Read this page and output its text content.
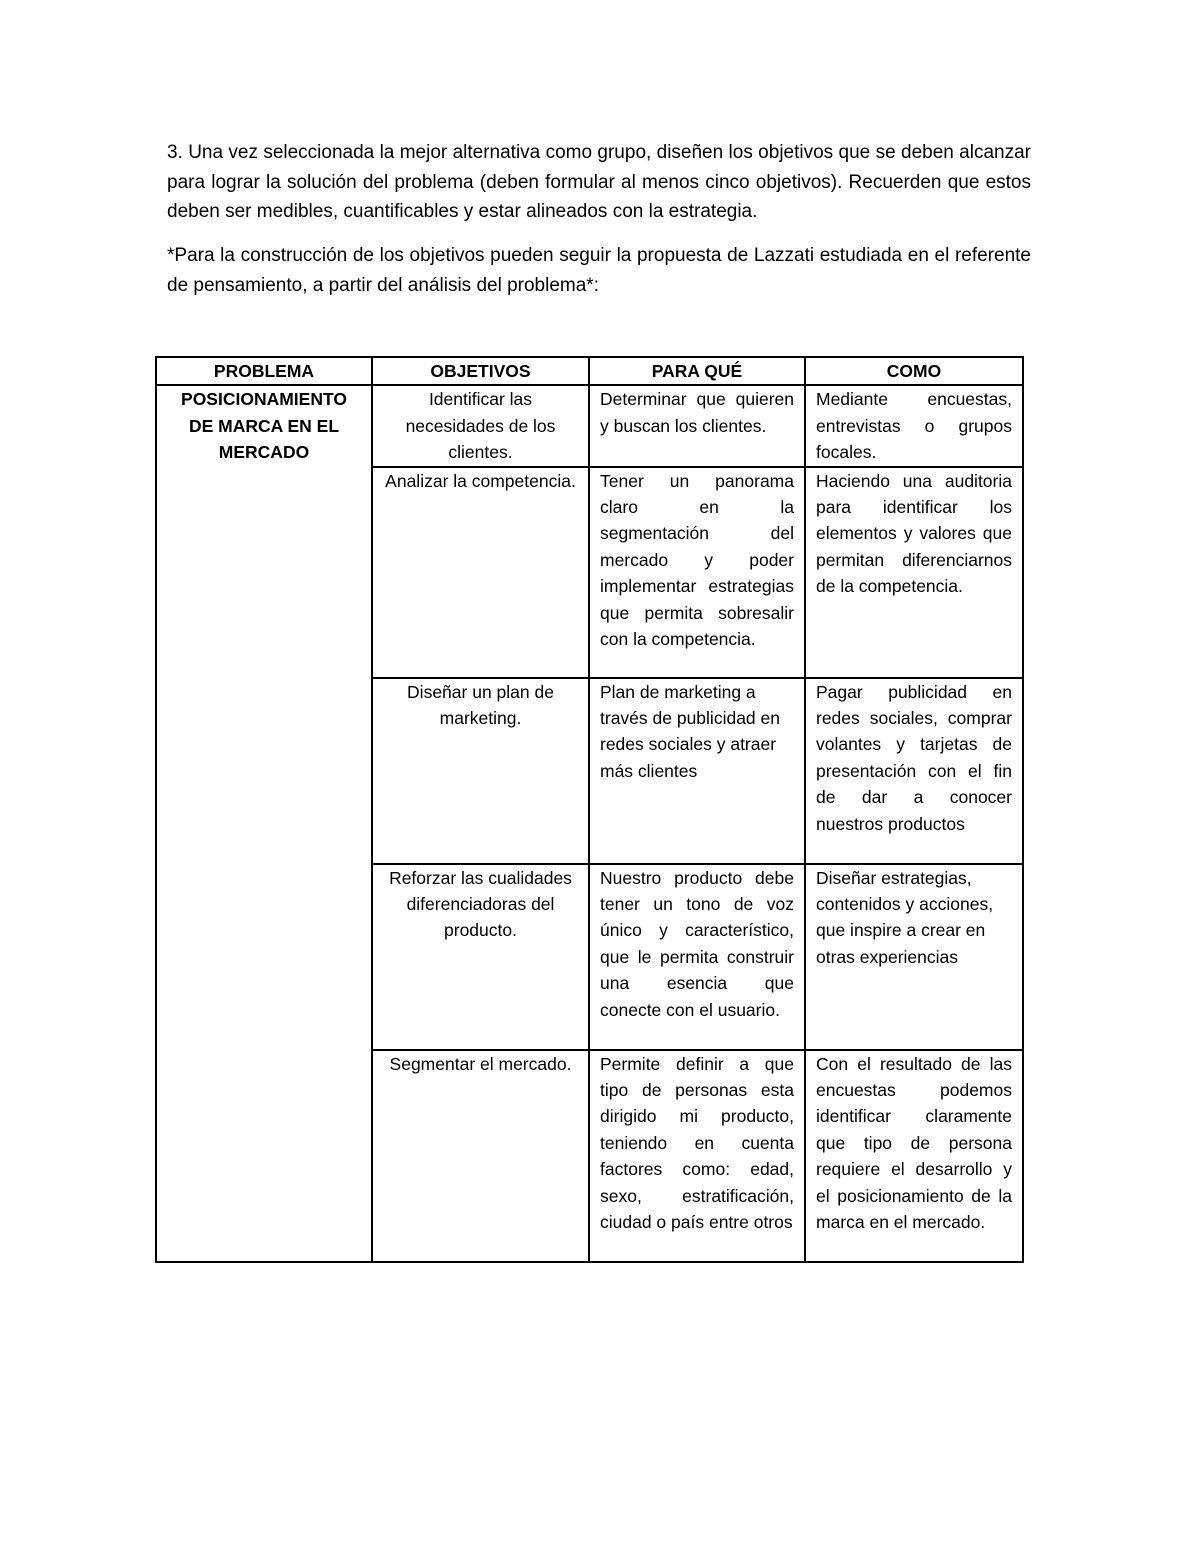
3. Una vez seleccionada la mejor alternativa como grupo, diseñen los objetivos que se deben alcanzar para lograr la solución del problema (deben formular al menos cinco objetivos). Recuerden que estos deben ser medibles, cuantificables y estar alineados con la estrategia.

*Para la construcción de los objetivos pueden seguir la propuesta de Lazzati estudiada en el referente de pensamiento, a partir del análisis del problema*:

PROBLEMA	OBJETIVOS	PARA QUÉ	COMO
POSICIONAMIENTO DE MARCA EN EL MERCADO	Identificar las necesidades de los clientes.	Determinar que quieren y buscan los clientes.	Mediante encuestas, entrevistas o grupos focales.
	Analizar la competencia.	Tener un panorama claro en la segmentación del mercado y poder implementar estrategias que permita sobresalir con la competencia.	Haciendo una auditoria para identificar los elementos y valores que permitan diferenciarnos de la competencia.
	Diseñar un plan de marketing.	Plan de marketing a través de publicidad en redes sociales y atraer más clientes	Pagar publicidad en redes sociales, comprar volantes y tarjetas de presentación con el fin de dar a conocer nuestros productos
	Reforzar las cualidades diferenciadoras del producto.	Nuestro producto debe tener un tono de voz único y característico, que le permita construir una esencia que conecte con el usuario.	Diseñar estrategias, contenidos y acciones, que inspire a crear en otras experiencias
	Segmentar el mercado.	Permite definir a que tipo de personas esta dirigido mi producto, teniendo en cuenta factores como: edad, sexo, estratificación, ciudad o país entre otros	Con el resultado de las encuestas podemos identificar claramente que tipo de persona requiere el desarrollo y el posicionamiento de la marca en el mercado.
